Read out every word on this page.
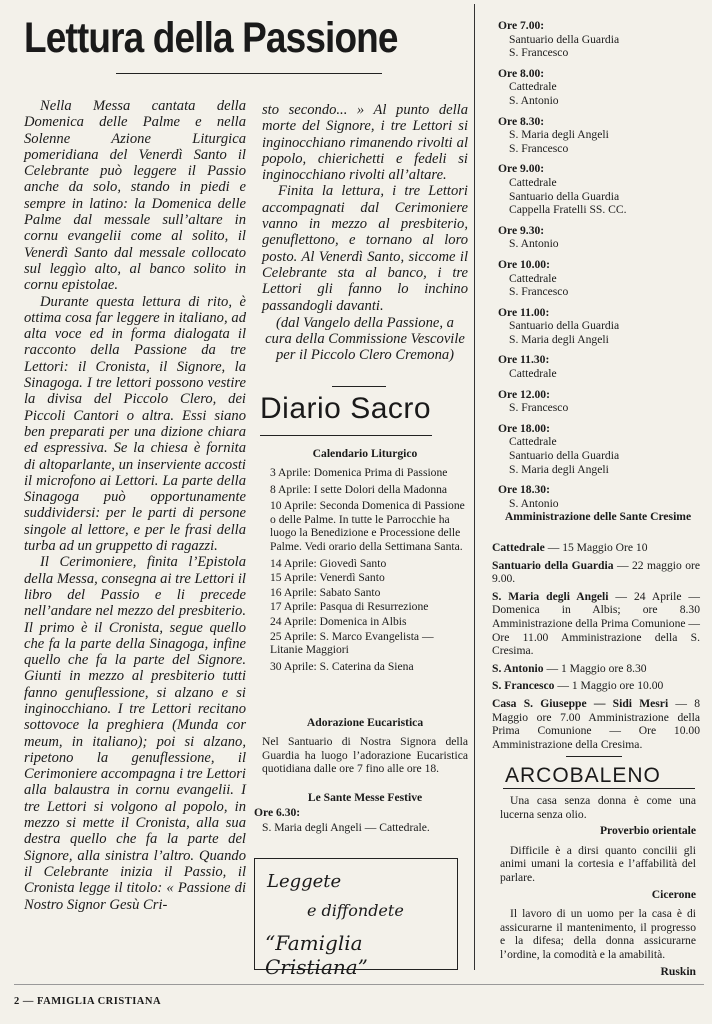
Lettura della Passione

Nella Messa cantata della Domenica delle Palme e nella Solenne Azione Liturgica pomeridiana del Venerdì Santo il Celebrante può leggere il Passio anche da solo, stando in piedi e sempre in latino: la Domenica delle Palme dal messale sull’altare in cornu evangelii come al solito, il Venerdì Santo dal messale collocato sul leggìo alto, al banco solito in cornu epistolae.

Durante questa lettura di rito, è ottima cosa far leggere in italiano, ad alta voce ed in forma dialogata il racconto della Passione da tre Lettori: il Cronista, il Signore, la Sinagoga. I tre lettori possono vestire la divisa del Piccolo Clero, dei Piccoli Cantori o altra. Essi siano ben preparati per una dizione chiara ed espressiva. Se la chiesa è fornita di altoparlante, un inserviente accosti il microfono ai Lettori. La parte della Sinagoga può opportunamente suddividersi: per le parti di persone singole al lettore, e per le frasi della turba ad un gruppetto di ragazzi.

Il Cerimoniere, finita l’Epistola della Messa, consegna ai tre Lettori il libro del Passio e li precede nell’andare nel mezzo del presbiterio. Il primo è il Cronista, segue quello che fa la parte della Sinagoga, infine quello che fa la parte del Signore. Giunti in mezzo al presbiterio tutti fanno genuflessione, si alzano e si inginocchiano. I tre Lettori recitano sottovoce la preghiera (Munda cor meum, in italiano); poi si alzano, ripetono la genuflessione, il Cerimoniere accompagna i tre Lettori alla balaustra in cornu evangelii. I tre Lettori si volgono al popolo, in mezzo si mette il Cronista, alla sua destra quello che fa la parte del Signore, alla sinistra l’altro. Quando il Celebrante inizia il Passio, il Cronista legge il titolo: « Passione di Nostro Signor Gesù Cri-

sto secondo... » Al punto della morte del Signore, i tre Lettori si inginocchiano rimanendo rivolti al popolo, chierichetti e fedeli si inginocchiano rivolti all’altare.

Finita la lettura, i tre Lettori accompagnati dal Cerimoniere vanno in mezzo al presbiterio, genuflettono, e tornano al loro posto. Al Venerdì Santo, siccome il Celebrante sta al banco, i tre Lettori gli fanno lo inchino passandogli davanti.

(dal Vangelo della Passione, a cura della Commissione Vescovile per il Piccolo Clero Cremona)

Diario Sacro
Calendario Liturgico

3 Aprile: Domenica Prima di Passione

8 Aprile: I sette Dolori della Madonna

10 Aprile: Seconda Domenica di Passione o delle Palme. In tutte le Parrocchie ha luogo la Benedizione e Processione delle Palme. Vedi orario della Settimana Santa.

14 Aprile: Giovedì Santo

15 Aprile: Venerdì Santo

16 Aprile: Sabato Santo

17 Aprile: Pasqua di Resurrezione

24 Aprile: Domenica in Albis

25 Aprile: S. Marco Evangelista — Litanie Maggiori

30 Aprile: S. Caterina da Siena

Adorazione Eucaristica
Nel Santuario di Nostra Signora della Guardia ha luogo l’adorazione Eucaristica quotidiana dalle ore 7 fino alle ore 18.
Le Sante Messe Festive
Ore 6.30:
S. Maria degli Angeli — Cattedrale.
Leggete
e diffondete
“Famiglia Cristiana”
Ore 7.00:
Santuario della Guardia
S. Francesco
Ore 8.00:
Cattedrale
S. Antonio
Ore 8.30:
S. Maria degli Angeli
S. Francesco
Ore 9.00:
Cattedrale
Santuario della Guardia
Cappella Fratelli SS. CC.
Ore 9.30:
S. Antonio
Ore 10.00:
Cattedrale
S. Francesco
Ore 11.00:
Santuario della Guardia
S. Maria degli Angeli
Ore 11.30:
Cattedrale
Ore 12.00:
S. Francesco
Ore 18.00:
Cattedrale
Santuario della Guardia
S. Maria degli Angeli
Ore 18.30:
S. Antonio
Amministrazione delle Sante Cresime

Cattedrale — 15 Maggio Ore 10

Santuario della Guardia — 22 maggio ore 9.00.

S. Maria degli Angeli — 24 Aprile — Domenica in Albis; ore 8.30 Amministrazione della Prima Comunione — Ore 11.00 Amministrazione della S. Cresima.

S. Antonio — 1 Maggio ore 8.30

S. Francesco — 1 Maggio ore 10.00

Casa S. Giuseppe — Sidi Mesri — 8 Maggio ore 7.00 Amministrazione della Prima Comunione — Ore 10.00 Amministrazione della Cresima.

ARCOBALENO

Una casa senza donna è come una lucerna senza olio.

Proverbio orientale

Difficile è a dirsi quanto concilii gli animi umani la cortesia e l’affabilità del parlare.

Cicerone

Il lavoro di un uomo per la casa è di assicurarne il mantenimento, il progresso e la difesa; della donna assicurarne l’ordine, la comodità e la amabilità.

Ruskin

2 — FAMIGLIA CRISTIANA
